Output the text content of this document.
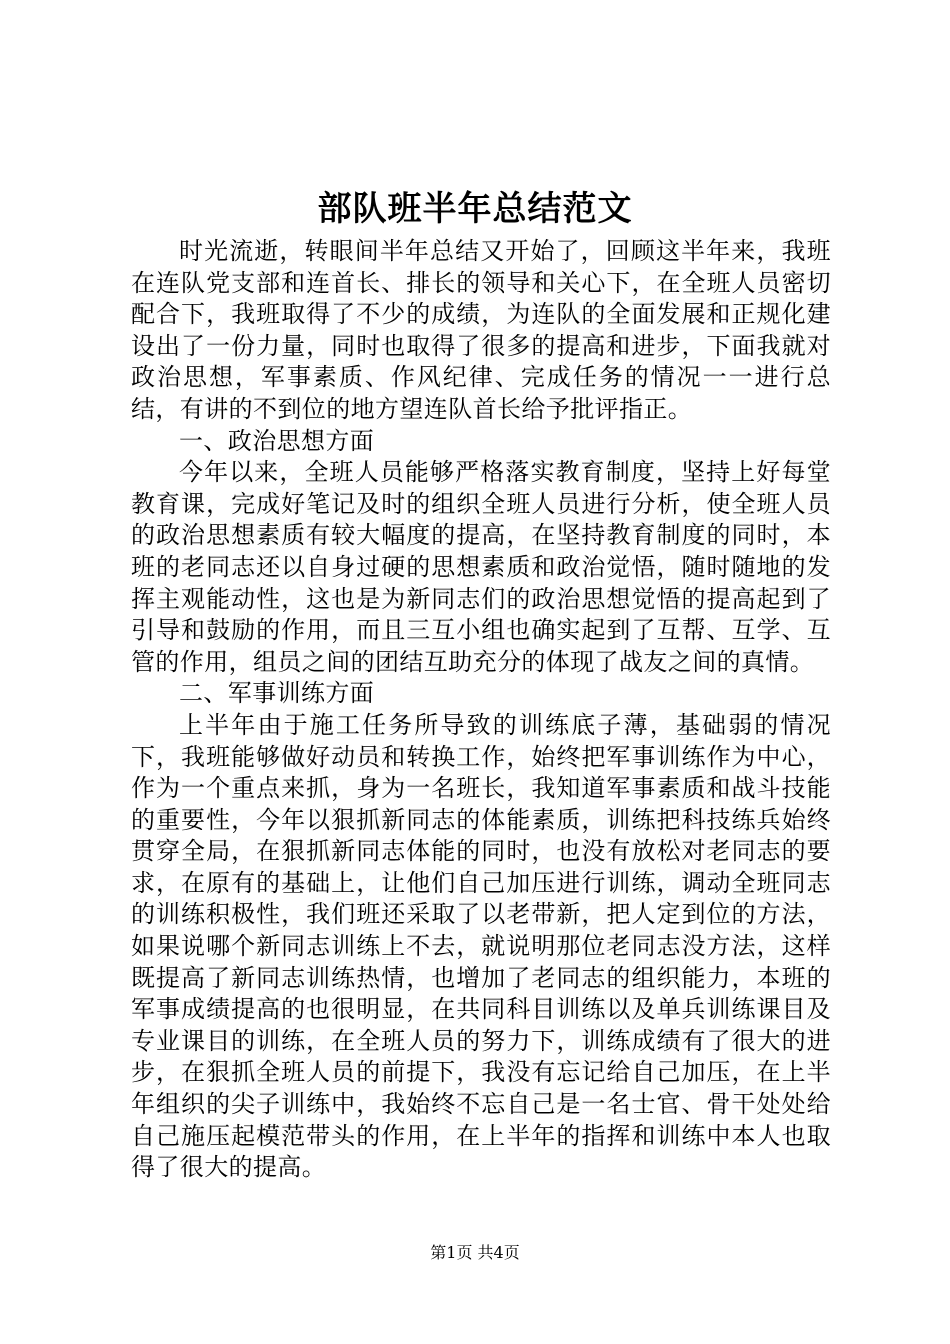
部队班半年总结范文

时光流逝，转眼间半年总结又开始了，回顾这半年来，我班在连队党支部和连首长、排长的领导和关心下，在全班人员密切配合下，我班取得了不少的成绩，为连队的全面发展和正规化建设出了一份力量，同时也取得了很多的提高和进步，下面我就对政治思想，军事素质、作风纪律、完成任务的情况一一进行总结，有讲的不到位的地方望连队首长给予批评指正。

一、政治思想方面

今年以来，全班人员能够严格落实教育制度，坚持上好每堂教育课，完成好笔记及时的组织全班人员进行分析，使全班人员的政治思想素质有较大幅度的提高，在坚持教育制度的同时，本班的老同志还以自身过硬的思想素质和政治觉悟，随时随地的发挥主观能动性，这也是为新同志们的政治思想觉悟的提高起到了引导和鼓励的作用，而且三互小组也确实起到了互帮、互学、互管的作用，组员之间的团结互助充分的体现了战友之间的真情。

二、军事训练方面

上半年由于施工任务所导致的训练底子薄，基础弱的情况下，我班能够做好动员和转换工作，始终把军事训练作为中心，作为一个重点来抓，身为一名班长，我知道军事素质和战斗技能的重要性，今年以狠抓新同志的体能素质，训练把科技练兵始终贯穿全局，在狠抓新同志体能的同时，也没有放松对老同志的要求，在原有的基础上，让他们自己加压进行训练，调动全班同志的训练积极性，我们班还采取了以老带新，把人定到位的方法，如果说哪个新同志训练上不去，就说明那位老同志没方法，这样既提高了新同志训练热情，也增加了老同志的组织能力，本班的军事成绩提高的也很明显，在共同科目训练以及单兵训练课目及专业课目的训练，在全班人员的努力下，训练成绩有了很大的进步，在狠抓全班人员的前提下，我没有忘记给自己加压，在上半年组织的尖子训练中，我始终不忘自己是一名士官、骨干处处给自己施压起模范带头的作用，在上半年的指挥和训练中本人也取得了很大的提高。

第1页 共4页
